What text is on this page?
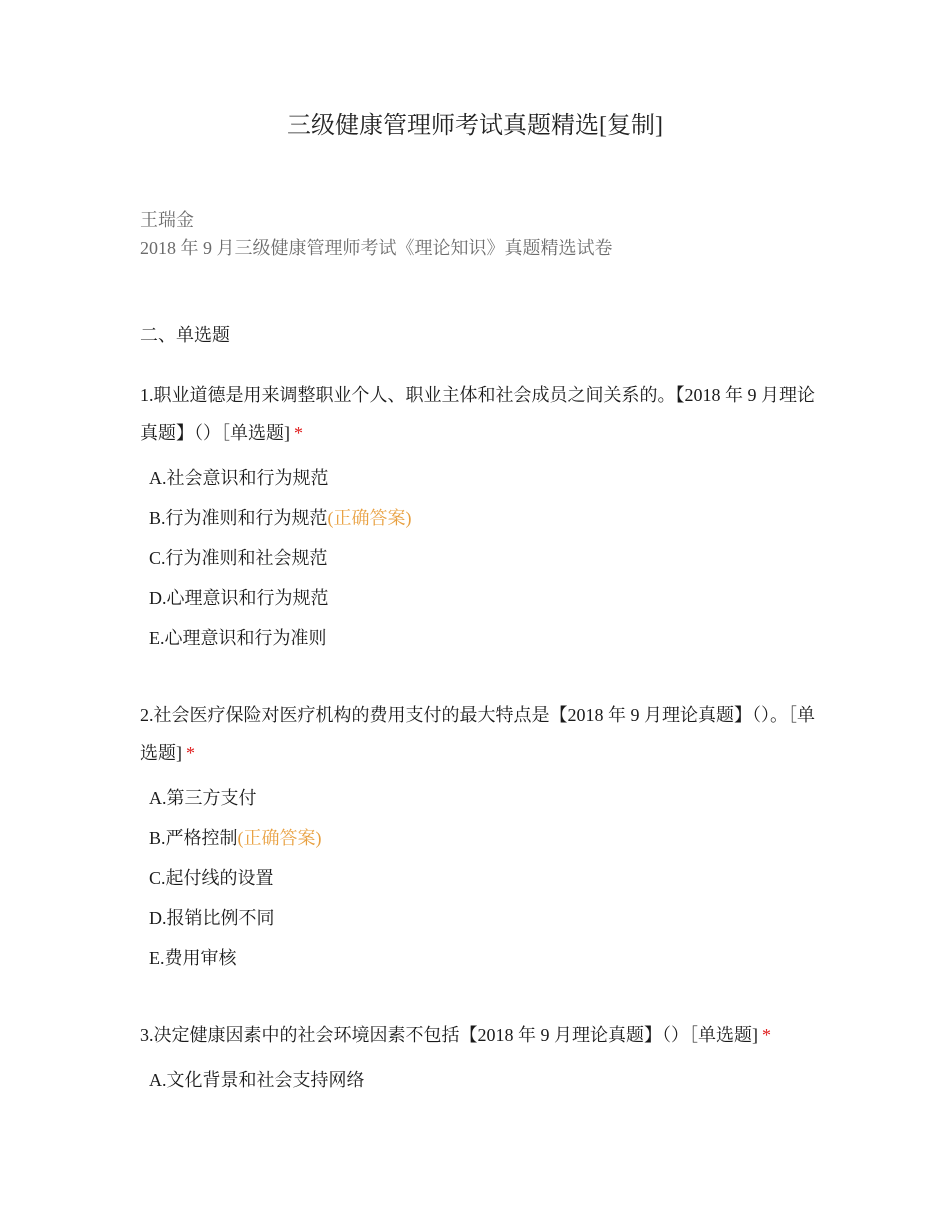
三级健康管理师考试真题精选[复制]
王瑞金
2018 年 9 月三级健康管理师考试《理论知识》真题精选试卷
二、单选题

1.职业道德是用来调整职业个人、职业主体和社会成员之间关系的。【2018 年 9 月理论真题】（）［单选题] *

A.社会意识和行为规范
B.行为准则和行为规范(正确答案)
C.行为准则和社会规范
D.心理意识和行为规范
E.心理意识和行为准则

2.社会医疗保险对医疗机构的费用支付的最大特点是【2018 年 9 月理论真题】（）。［单选题] *

A.第三方支付
B.严格控制(正确答案)
C.起付线的设置
D.报销比例不同
E.费用审核

3.决定健康因素中的社会环境因素不包括【2018 年 9 月理论真题】（）［单选题] *

A.文化背景和社会支持网络
